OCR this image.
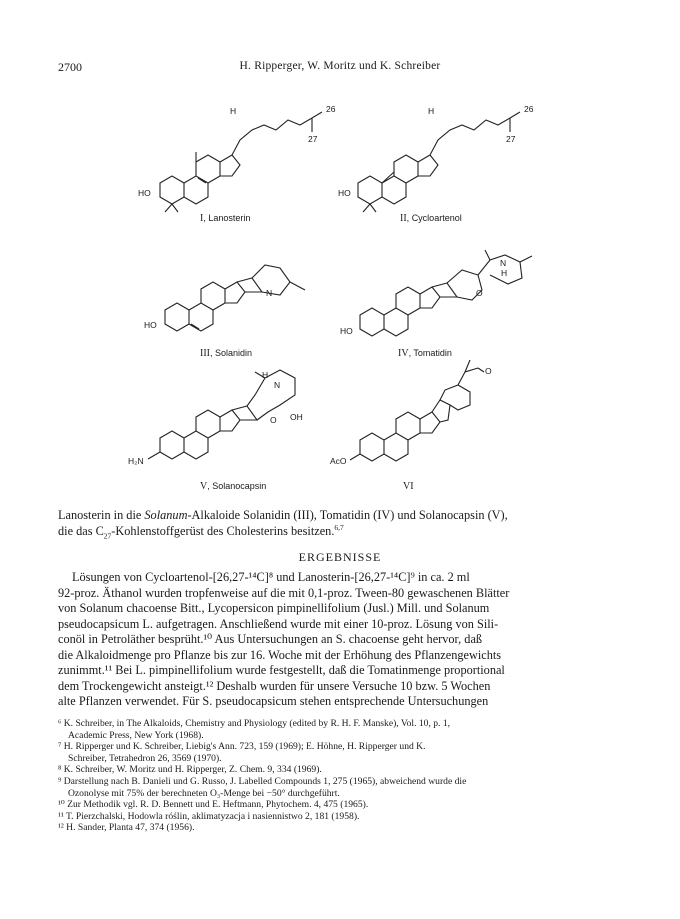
2700	H. Ripperger, W. Moritz und K. Schreiber
HO
H	26
27
HO
H	26
27
HO
N
HO
O
N
H
H
N
O OH
H₂N
O
AcO
I, Lanosterin	II, Cycloartenol
III, Solanidin	IV, Tomatidin
V, Solanocapsin	VI
Lanosterin in die Solanum-Alkaloide Solanidin (III), Tomatidin (IV) und Solanocapsin (V),
die das $C_{27}$-Kohlenstoffgerüst des Cholesterins besitzen.$^{6,7}$
ERGEBNISSE
Lösungen von Cycloartenol-[26,27-¹⁴C]⁸ und Lanosterin-[26,27-¹⁴C]⁹ in ca. 2 ml
92-proz. Äthanol wurden tropfenweise auf die mit 0,1-proz. Tween-80 gewaschenen Blätter
von Solanum chacoense Bitt., Lycopersicon pimpinellifolium (Jusl.) Mill. und Solanum
pseudocapsicum L. aufgetragen. Anschließend wurde mit einer 10-proz. Lösung von Sili-
conöl in Petroläther besprüht.¹⁰ Aus Untersuchungen an S. chacoense geht hervor, daß
die Alkaloidmenge pro Pflanze bis zur 16. Woche mit der Erhöhung des Pflanzengewichts
zunimmt.¹¹ Bei L. pimpinellifolium wurde festgestellt, daß die Tomatinmenge proportional
dem Trockengewicht ansteigt.¹² Deshalb wurden für unsere Versuche 10 bzw. 5 Wochen
alte Pflanzen verwendet. Für S. pseudocapsicum stehen entsprechende Untersuchungen
⁶ K. Schreiber, in The Alkaloids, Chemistry and Physiology (edited by R. H. F. Manske), Vol. 10, p. 1,
Academic Press, New York (1968).
⁷ H. Ripperger und K. Schreiber, Liebig's Ann. 723, 159 (1969); E. Höhne, H. Ripperger und K.
Schreiber, Tetrahedron 26, 3569 (1970).
⁸ K. Schreiber, W. Moritz und H. Ripperger, Z. Chem. 9, 334 (1969).
⁹ Darstellung nach B. Danieli und G. Russo, J. Labelled Compounds 1, 275 (1965), abweichend wurde die
Ozonolyse mit 75% der berechneten O₃-Menge bei −50° durchgeführt.
¹⁰ Zur Methodik vgl. R. D. Bennett und E. Heftmann, Phytochem. 4, 475 (1965).
¹¹ T. Pierzchalski, Hodowla róślin, aklimatyzacja i nasiennistwo 2, 181 (1958).
¹² H. Sander, Planta 47, 374 (1956).
